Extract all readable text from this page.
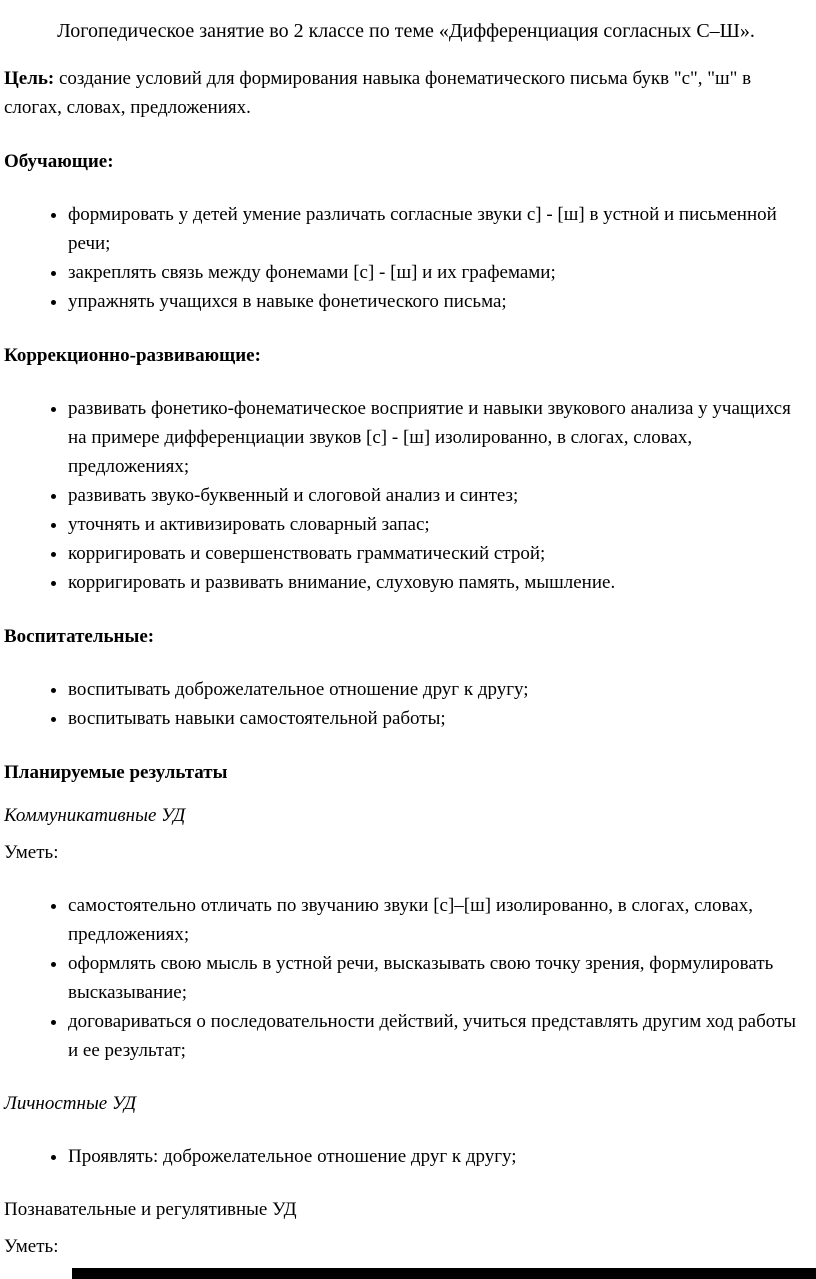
Логопедическое занятие во 2 классе по теме «Дифференциация согласных С–Ш».

Цель: создание условий для формирования навыка фонематического письма букв "с", "ш" в слогах, словах, предложениях.

Обучающие:

• формировать у детей умение различать согласные звуки с] - [ш] в устной и письменной речи;
• закреплять связь между фонемами [с] - [ш] и их графемами;
• упражнять учащихся в навыке фонетического письма;

Коррекционно-развивающие:

• развивать фонетико-фонематическое восприятие и навыки звукового анализа у учащихся на примере дифференциации звуков [с] - [ш] изолированно, в слогах, словах, предложениях;
• развивать звуко-буквенный и слоговой анализ и синтез;
• уточнять и активизировать словарный запас;
• корригировать и совершенствовать грамматический строй;
• корригировать и развивать внимание, слуховую память, мышление.

Воспитательные:

• воспитывать доброжелательное отношение друг к другу;
• воспитывать навыки самостоятельной работы;

Планируемые результаты

Коммуникативные УД

Уметь:

• самостоятельно отличать по звучанию звуки [с]–[ш] изолированно, в слогах, словах, предложениях;
• оформлять свою мысль в устной речи, высказывать свою точку зрения, формулировать высказывание;
• договариваться о последовательности действий, учиться представлять другим ход работы и ее результат;

Личностные УД

• Проявлять: доброжелательное отношение друг к другу;

Познавательные и регулятивные УД

Уметь:
